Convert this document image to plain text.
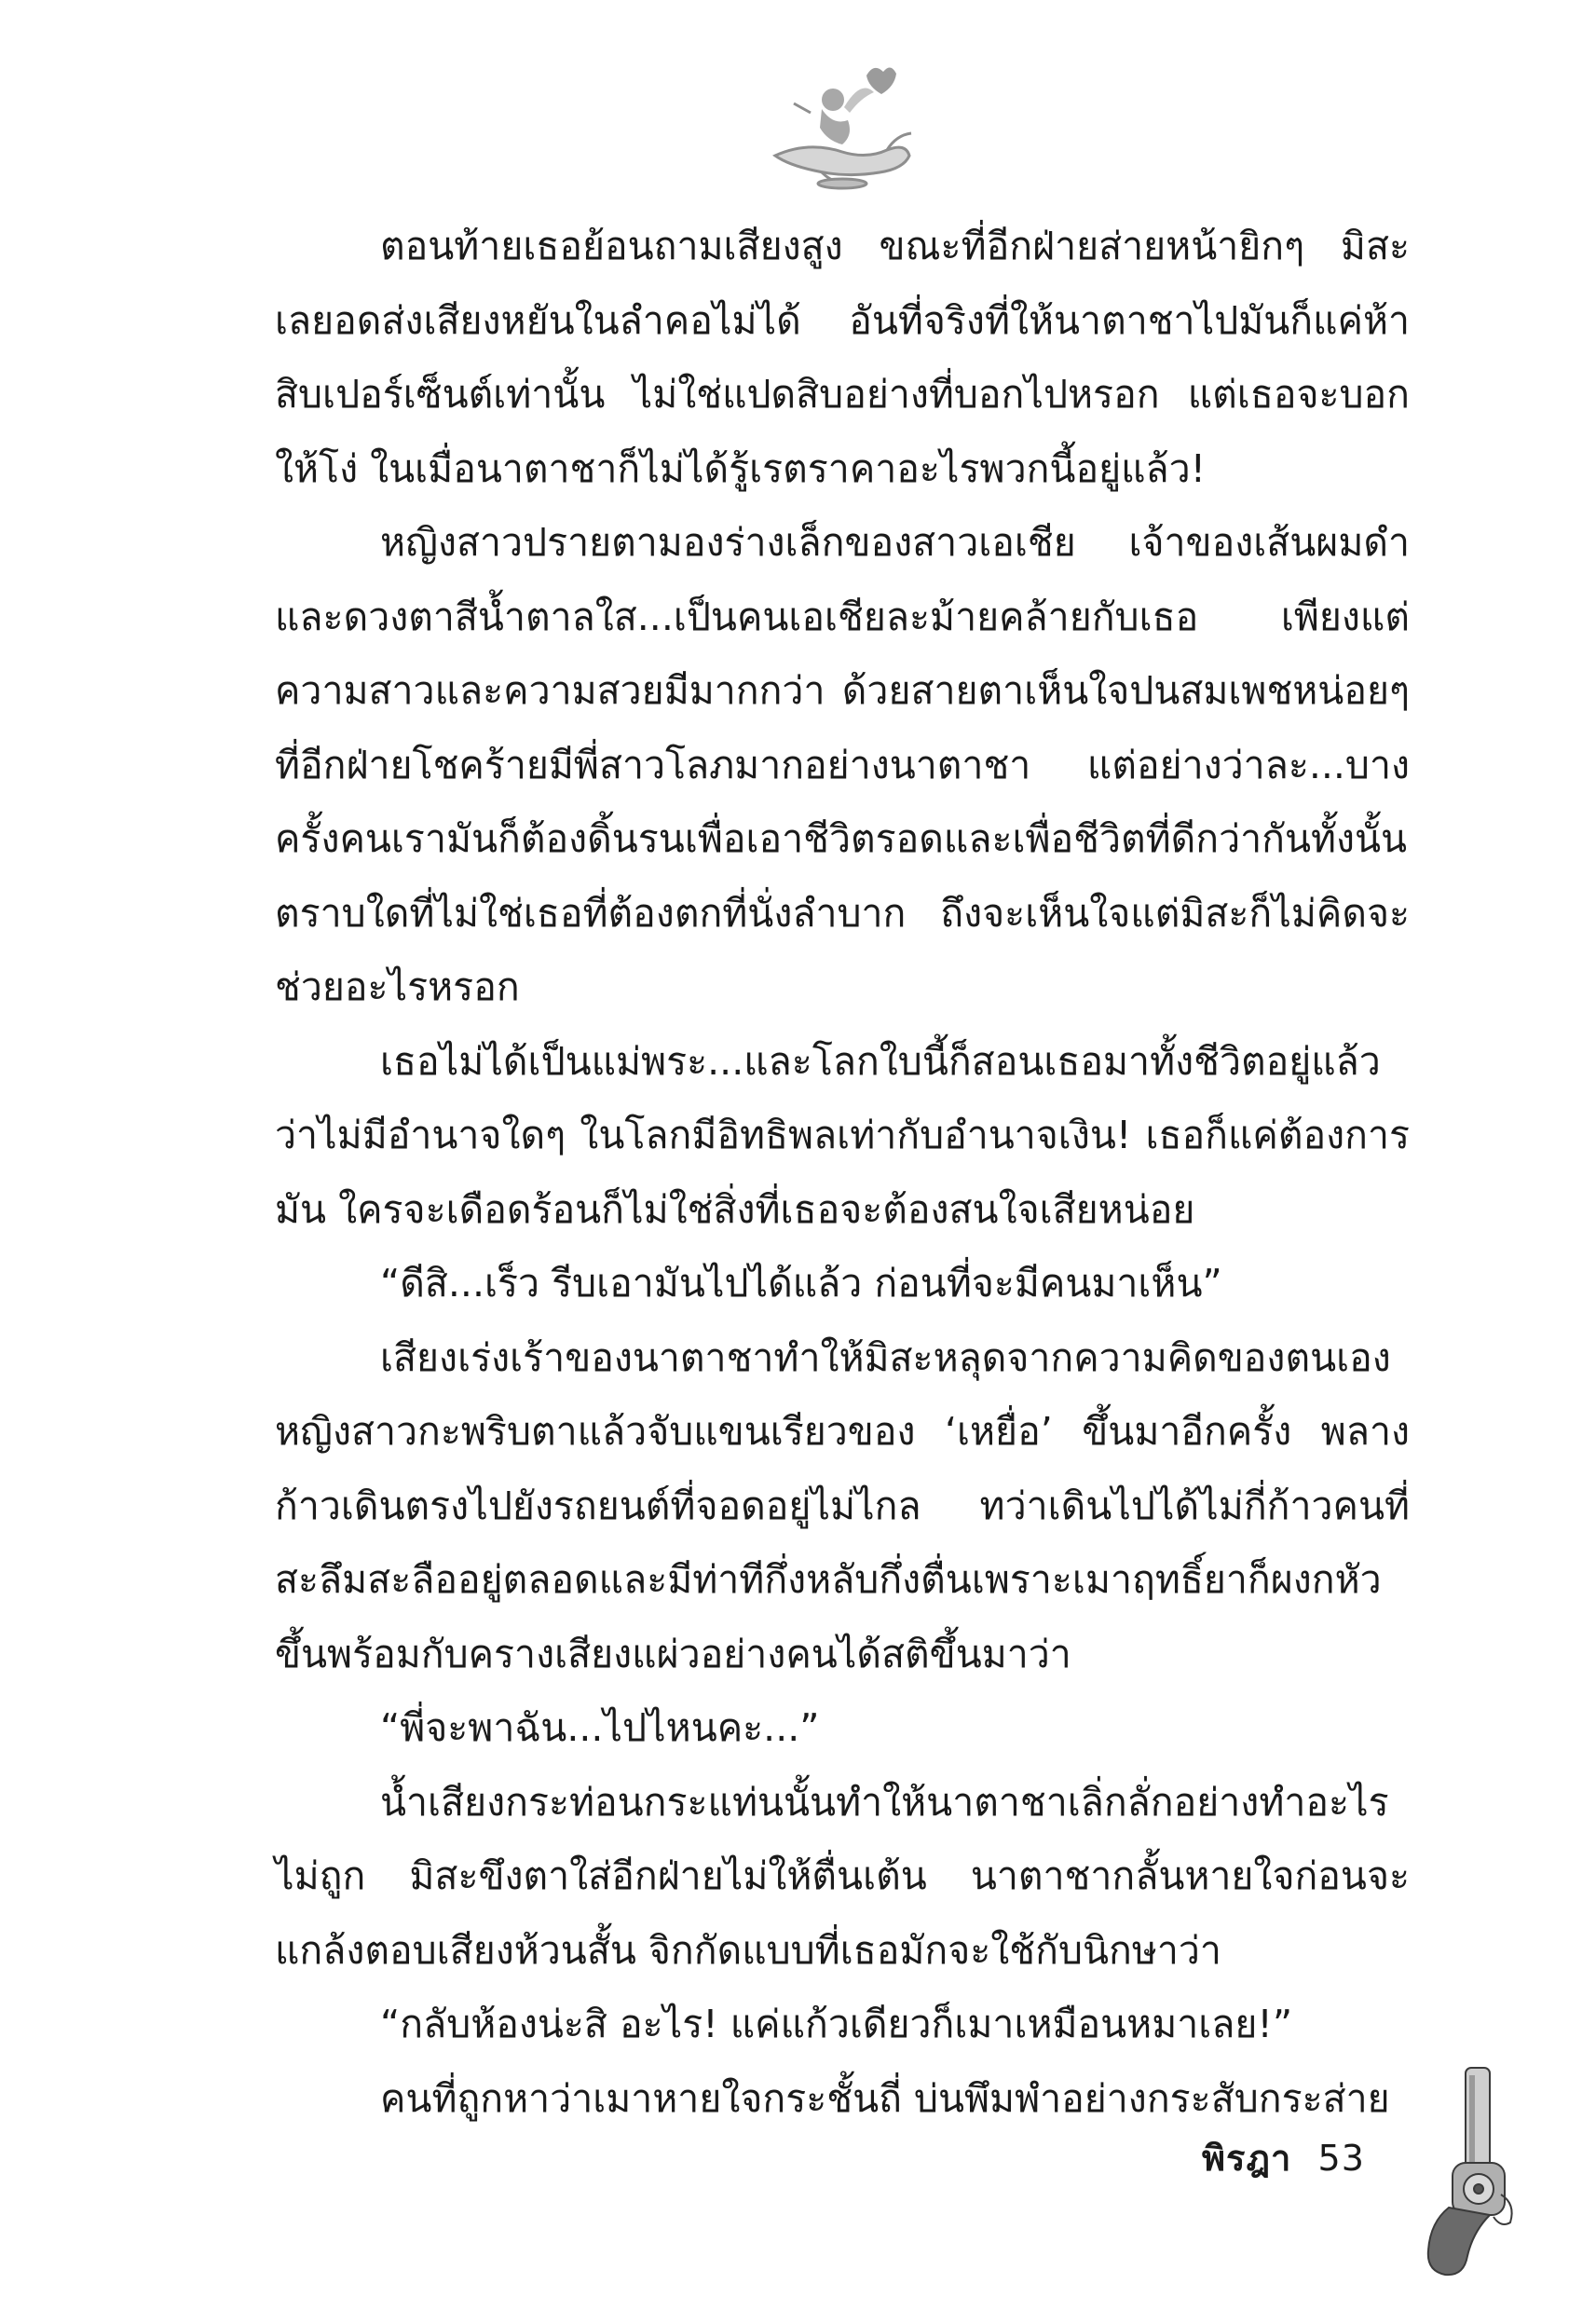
ตอนท้ายเธอย้อนถามเสียงสูง ขณะที่อีกฝ่ายส่ายหน้ายิกๆ มิสะเลยอดส่งเสียงหยันในลำคอไม่ได้ อันที่จริงที่ให้นาตาชาไปมันก็แค่ห้าสิบเปอร์เซ็นต์เท่านั้น ไม่ใช่แปดสิบอย่างที่บอกไปหรอก แต่เธอจะบอกให้โง่ ในเมื่อนาตาชาก็ไม่ได้รู้เรตราคาอะไรพวกนี้อยู่แล้ว!

หญิงสาวปรายตามองร่างเล็กของสาวเอเชีย เจ้าของเส้นผมดำและดวงตาสีน้ำตาลใส...เป็นคนเอเชียละม้ายคล้ายกับเธอ เพียงแต่ความสาวและความสวยมีมากกว่า ด้วยสายตาเห็นใจปนสมเพชหน่อยๆ ที่อีกฝ่ายโชคร้ายมีพี่สาวโลภมากอย่างนาตาชา แต่อย่างว่าละ...บางครั้งคนเรามันก็ต้องดิ้นรนเพื่อเอาชีวิตรอดและเพื่อชีวิตที่ดีกว่ากันทั้งนั้น ตราบใดที่ไม่ใช่เธอที่ต้องตกที่นั่งลำบาก ถึงจะเห็นใจแต่มิสะก็ไม่คิดจะช่วยอะไรหรอก

เธอไม่ได้เป็นแม่พระ...และโลกใบนี้ก็สอนเธอมาทั้งชีวิตอยู่แล้วว่าไม่มีอำนาจใดๆ ในโลกมีอิทธิพลเท่ากับอำนาจเงิน! เธอก็แค่ต้องการมัน ใครจะเดือดร้อนก็ไม่ใช่สิ่งที่เธอจะต้องสนใจเสียหน่อย

“ดีสิ...เร็ว รีบเอามันไปได้แล้ว ก่อนที่จะมีคนมาเห็น”

เสียงเร่งเร้าของนาตาชาทำให้มิสะหลุดจากความคิดของตนเอง หญิงสาวกะพริบตาแล้วจับแขนเรียวของ ‘เหยื่อ’ ขึ้นมาอีกครั้ง พลางก้าวเดินตรงไปยังรถยนต์ที่จอดอยู่ไม่ไกล ทว่าเดินไปได้ไม่กี่ก้าวคนที่สะลึมสะลืออยู่ตลอดและมีท่าทีกึ่งหลับกึ่งตื่นเพราะเมาฤทธิ์ยาก็ผงกหัวขึ้นพร้อมกับครางเสียงแผ่วอย่างคนได้สติขึ้นมาว่า

“พี่จะพาฉัน...ไปไหนคะ...”

น้ำเสียงกระท่อนกระแท่นนั้นทำให้นาตาชาเลิ่กลั่กอย่างทำอะไรไม่ถูก มิสะขึงตาใส่อีกฝ่ายไม่ให้ตื่นเต้น นาตาชากลั้นหายใจก่อนจะแกล้งตอบเสียงห้วนสั้น จิกกัดแบบที่เธอมักจะใช้กับนิกษาว่า

“กลับห้องน่ะสิ อะไร! แค่แก้วเดียวก็เมาเหมือนหมาเลย!”

คนที่ถูกหาว่าเมาหายใจกระชั้นถี่ บ่นพึมพำอย่างกระสับกระส่าย

พิรฎา 53
